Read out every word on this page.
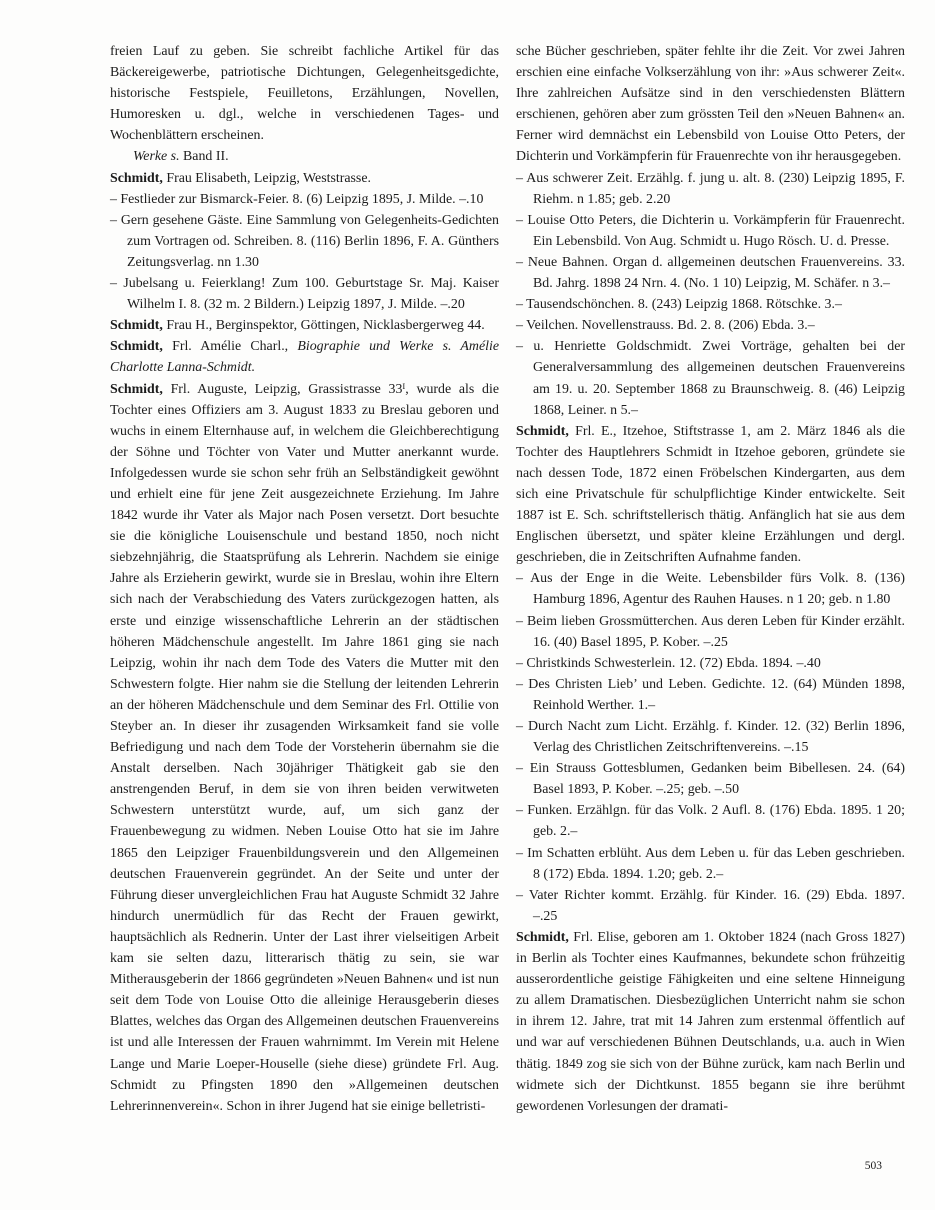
freien Lauf zu geben. Sie schreibt fachliche Artikel für das Bäckereigewerbe, patriotische Dichtungen, Gelegenheitsgedichte, historische Festspiele, Feuilletons, Erzählungen, Novellen, Humoresken u. dgl., welche in verschiedenen Tages- und Wochenblättern erscheinen.

Werke s. Band II.

Schmidt, Frau Elisabeth, Leipzig, Weststrasse.

– Festlieder zur Bismarck-Feier. 8. (6) Leipzig 1895, J. Milde. –.10

– Gern gesehene Gäste. Eine Sammlung von Gelegenheits-Gedichten zum Vortragen od. Schreiben. 8. (116) Berlin 1896, F. A. Günthers Zeitungsverlag. nn 1.30

– Jubelsang u. Feierklang! Zum 100. Geburtstage Sr. Maj. Kaiser Wilhelm I. 8. (32 m. 2 Bildern.) Leipzig 1897, J. Milde. –.20

Schmidt, Frau H., Berginspektor, Göttingen, Nicklasbergerweg 44.

Schmidt, Frl. Amélie Charl., Biographie und Werke s. Amélie Charlotte Lanna-Schmidt.

Schmidt, Frl. Auguste, Leipzig, Grassistrasse $33^I$, wurde als die Tochter eines Offiziers am 3. August 1833 zu Breslau geboren und wuchs in einem Elternhause auf, in welchem die Gleichberechtigung der Söhne und Töchter von Vater und Mutter anerkannt wurde. Infolgedessen wurde sie schon sehr früh an Selbständigkeit gewöhnt und erhielt eine für jene Zeit ausgezeichnete Erziehung. Im Jahre 1842 wurde ihr Vater als Major nach Posen versetzt. Dort besuchte sie die königliche Louisenschule und bestand 1850, noch nicht siebzehnjährig, die Staatsprüfung als Lehrerin. Nachdem sie einige Jahre als Erzieherin gewirkt, wurde sie in Breslau, wohin ihre Eltern sich nach der Verabschiedung des Vaters zurückgezogen hatten, als erste und einzige wissenschaftliche Lehrerin an der städtischen höheren Mädchenschule angestellt. Im Jahre 1861 ging sie nach Leipzig, wohin ihr nach dem Tode des Vaters die Mutter mit den Schwestern folgte. Hier nahm sie die Stellung der leitenden Lehrerin an der höheren Mädchenschule und dem Seminar des Frl. Ottilie von Steyber an. In dieser ihr zusagenden Wirksamkeit fand sie volle Befriedigung und nach dem Tode der Vorsteherin übernahm sie die Anstalt derselben. Nach 30jähriger Thätigkeit gab sie den anstrengenden Beruf, in dem sie von ihren beiden verwitweten Schwestern unterstützt wurde, auf, um sich ganz der Frauenbewegung zu widmen. Neben Louise Otto hat sie im Jahre 1865 den Leipziger Frauenbildungsverein und den Allgemeinen deutschen Frauenverein gegründet. An der Seite und unter der Führung dieser unvergleichlichen Frau hat Auguste Schmidt 32 Jahre hindurch unermüdlich für das Recht der Frauen gewirkt, hauptsächlich als Rednerin. Unter der Last ihrer vielseitigen Arbeit kam sie selten dazu, litterarisch thätig zu sein, sie war Mitherausgeberin der 1866 gegründeten »Neuen Bahnen« und ist nun seit dem Tode von Louise Otto die alleinige Herausgeberin dieses Blattes, welches das Organ des Allgemeinen deutschen Frauenvereins ist und alle Interessen der Frauen wahrnimmt. Im Verein mit Helene Lange und Marie Loeper-Houselle (siehe diese) gründete Frl. Aug. Schmidt zu Pfingsten 1890 den »Allgemeinen deutschen Lehrerinnenverein«. Schon in ihrer Jugend hat sie einige belletristi-

sche Bücher geschrieben, später fehlte ihr die Zeit. Vor zwei Jahren erschien eine einfache Volkserzählung von ihr: »Aus schwerer Zeit«. Ihre zahlreichen Aufsätze sind in den verschiedensten Blättern erschienen, gehören aber zum grössten Teil den »Neuen Bahnen« an. Ferner wird demnächst ein Lebensbild von Louise Otto Peters, der Dichterin und Vorkämpferin für Frauenrechte von ihr herausgegeben.

– Aus schwerer Zeit. Erzählg. f. jung u. alt. 8. (230) Leipzig 1895, F. Riehm. n 1.85; geb. 2.20

– Louise Otto Peters, die Dichterin u. Vorkämpferin für Frauenrecht. Ein Lebensbild. Von Aug. Schmidt u. Hugo Rösch. U. d. Presse.

– Neue Bahnen. Organ d. allgemeinen deutschen Frauenvereins. 33. Bd. Jahrg. 1898 24 Nrn. 4. (No. 1 10) Leipzig, M. Schäfer. n 3.–

– Tausendschönchen. 8. (243) Leipzig 1868. Rötschke. 3.–

– Veilchen. Novellenstrauss. Bd. 2. 8. (206) Ebda. 3.–

– u. Henriette Goldschmidt. Zwei Vorträge, gehalten bei der Generalversammlung des allgemeinen deutschen Frauenvereins am 19. u. 20. September 1868 zu Braunschweig. 8. (46) Leipzig 1868, Leiner. n 5.–

Schmidt, Frl. E., Itzehoe, Stiftstrasse 1, am 2. März 1846 als die Tochter des Hauptlehrers Schmidt in Itzehoe geboren, gründete sie nach dessen Tode, 1872 einen Fröbelschen Kindergarten, aus dem sich eine Privatschule für schulpflichtige Kinder entwickelte. Seit 1887 ist E. Sch. schriftstellerisch thätig. Anfänglich hat sie aus dem Englischen übersetzt, und später kleine Erzählungen und dergl. geschrieben, die in Zeitschriften Aufnahme fanden.

– Aus der Enge in die Weite. Lebensbilder fürs Volk. 8. (136) Hamburg 1896, Agentur des Rauhen Hauses. n 1 20; geb. n 1.80

– Beim lieben Grossmütterchen. Aus deren Leben für Kinder erzählt. 16. (40) Basel 1895, P. Kober. –.25

– Christkinds Schwesterlein. 12. (72) Ebda. 1894. –.40

– Des Christen Lieb’ und Leben. Gedichte. 12. (64) Münden 1898, Reinhold Werther. 1.–

– Durch Nacht zum Licht. Erzählg. f. Kinder. 12. (32) Berlin 1896, Verlag des Christlichen Zeitschriftenvereins. –.15

– Ein Strauss Gottesblumen, Gedanken beim Bibellesen. 24. (64) Basel 1893, P. Kober. –.25; geb. –.50

– Funken. Erzählgn. für das Volk. 2 Aufl. 8. (176) Ebda. 1895. 1 20; geb. 2.–

– Im Schatten erblüht. Aus dem Leben u. für das Leben geschrieben. 8 (172) Ebda. 1894. 1.20; geb. 2.–

– Vater Richter kommt. Erzählg. für Kinder. 16. (29) Ebda. 1897. –.25

Schmidt, Frl. Elise, geboren am 1. Oktober 1824 (nach Gross 1827) in Berlin als Tochter eines Kaufmannes, bekundete schon frühzeitig ausserordentliche geistige Fähigkeiten und eine seltene Hinneigung zu allem Dramatischen. Diesbezüglichen Unterricht nahm sie schon in ihrem 12. Jahre, trat mit 14 Jahren zum erstenmal öffentlich auf und war auf verschiedenen Bühnen Deutschlands, u.a. auch in Wien thätig. 1849 zog sie sich von der Bühne zurück, kam nach Berlin und widmete sich der Dichtkunst. 1855 begann sie ihre berühmt gewordenen Vorlesungen der dramati-

503
